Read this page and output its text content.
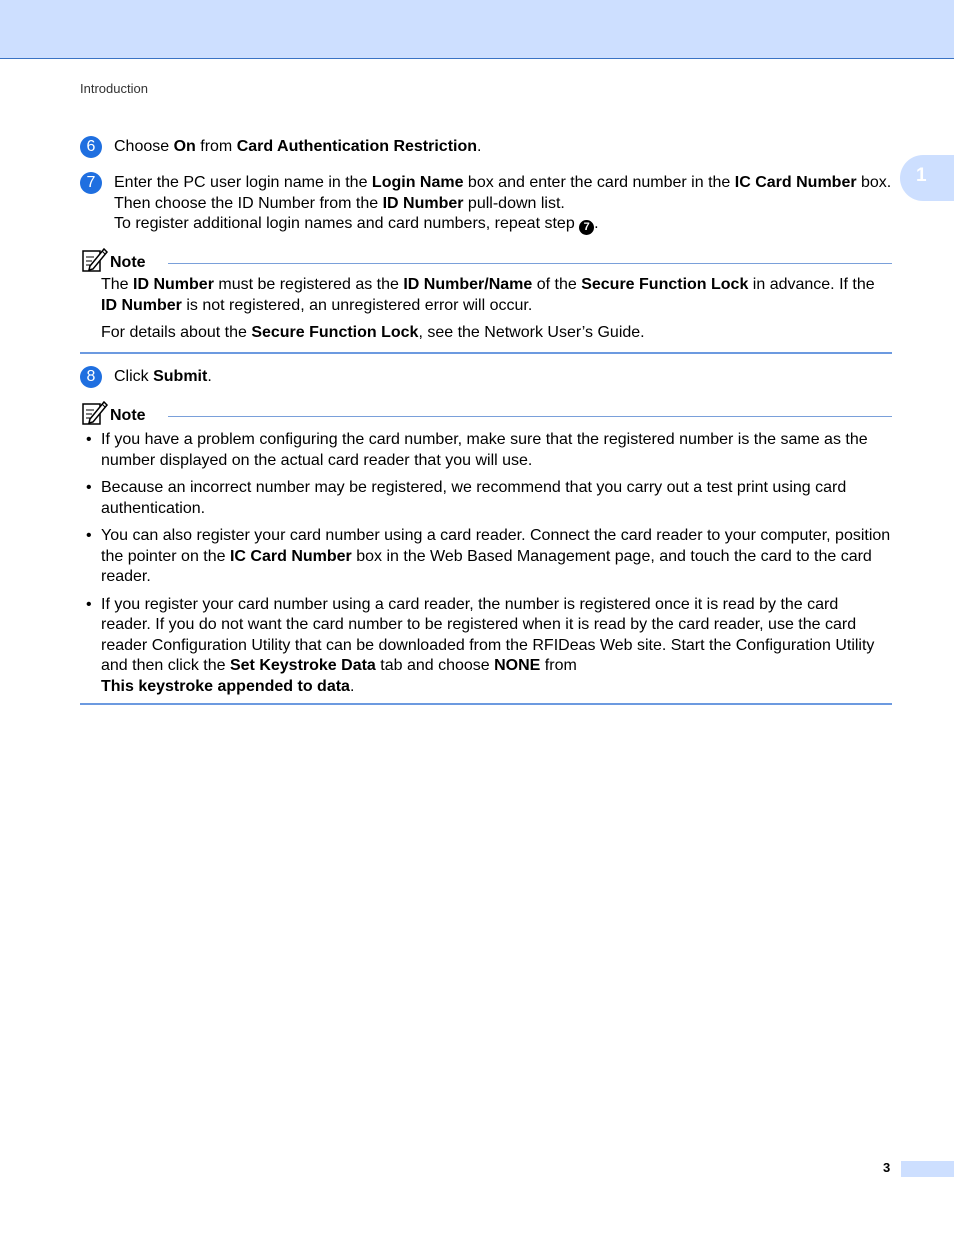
Introduction
1
6	Choose On from Card Authentication Restriction.
7	Enter the PC user login name in the Login Name box and enter the card number in the IC Card Number box. Then choose the ID Number from the ID Number pull-down list.
To register additional login names and card numbers, repeat step 7 .
Note

The ID Number must be registered as the ID Number/Name of the Secure Function Lock in advance. If the ID Number is not registered, an unregistered error will occur.

For details about the Secure Function Lock, see the Network User’s Guide.

8	Click Submit.
Note
• If you have a problem configuring the card number, make sure that the registered number is the same as the number displayed on the actual card reader that you will use.
• Because an incorrect number may be registered, we recommend that you carry out a test print using card authentication.
• You can also register your card number using a card reader. Connect the card reader to your computer, position the pointer on the IC Card Number box in the Web Based Management page, and touch the card to the card reader.
• If you register your card number using a card reader, the number is registered once it is read by the card reader. If you do not want the card number to be registered when it is read by the card reader, use the card reader Configuration Utility that can be downloaded from the RFIDeas Web site. Start the Configuration Utility and then click the Set Keystroke Data tab and choose NONE from
This keystroke appended to data.
3
